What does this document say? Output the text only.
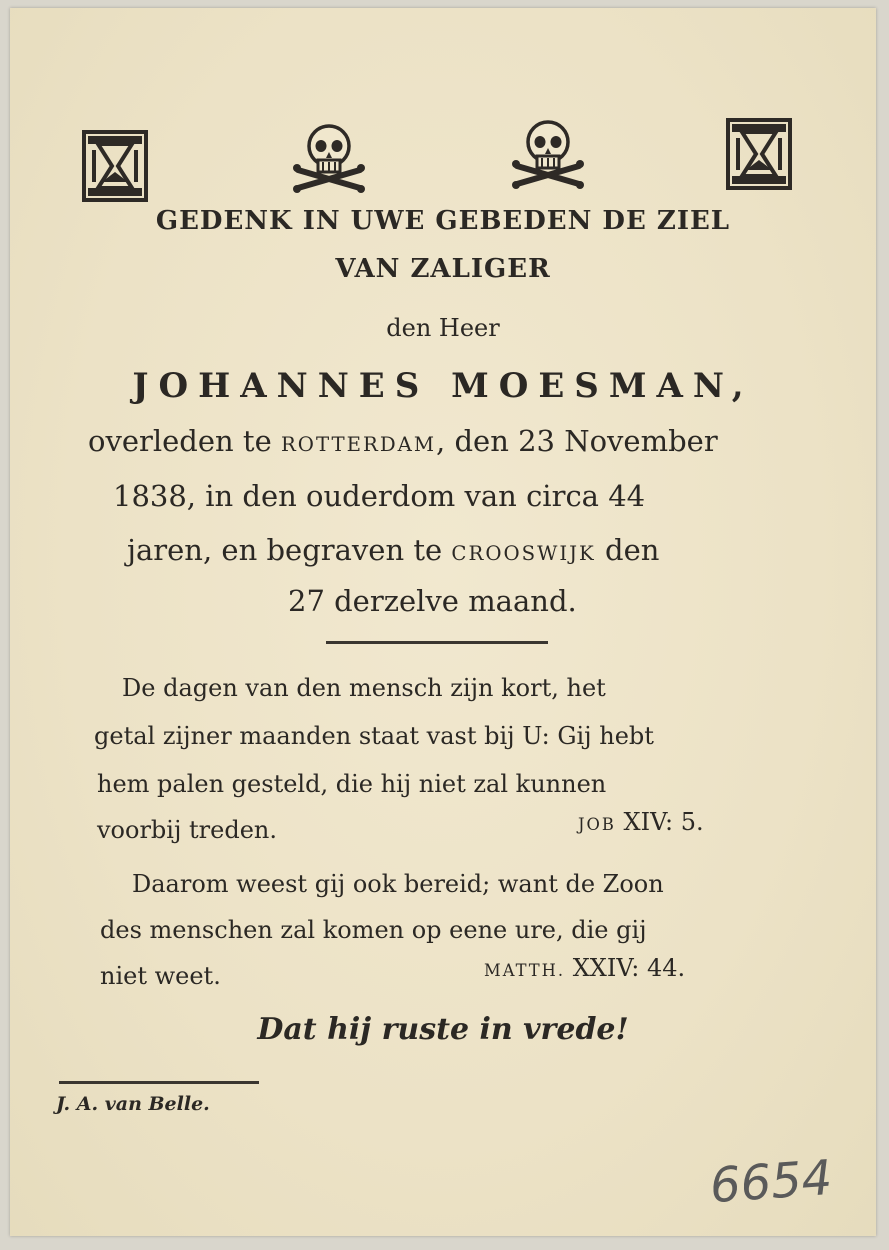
GEDENK IN UWE GEBEDEN DE ZIEL
VAN ZALIGER
den Heer
JOHANNES MOESMAN,
overleden te ROTTERDAM, den 23 November
1838, in den ouderdom van circa 44
jaren, en begraven te CROOSWIJK den
27 derzelve maand.
De dagen van den mensch zijn kort, het
getal zijner maanden staat vast bij U: Gij hebt
hem palen gesteld, die hij niet zal kunnen
voorbij treden.	JOB XIV: 5.
Daarom weest gij ook bereid; want de Zoon
des menschen zal komen op eene ure, die gij
niet weet.	MATTH. XXIV: 44.
Dat hij ruste in vrede!
J. A. van Belle.
6654
